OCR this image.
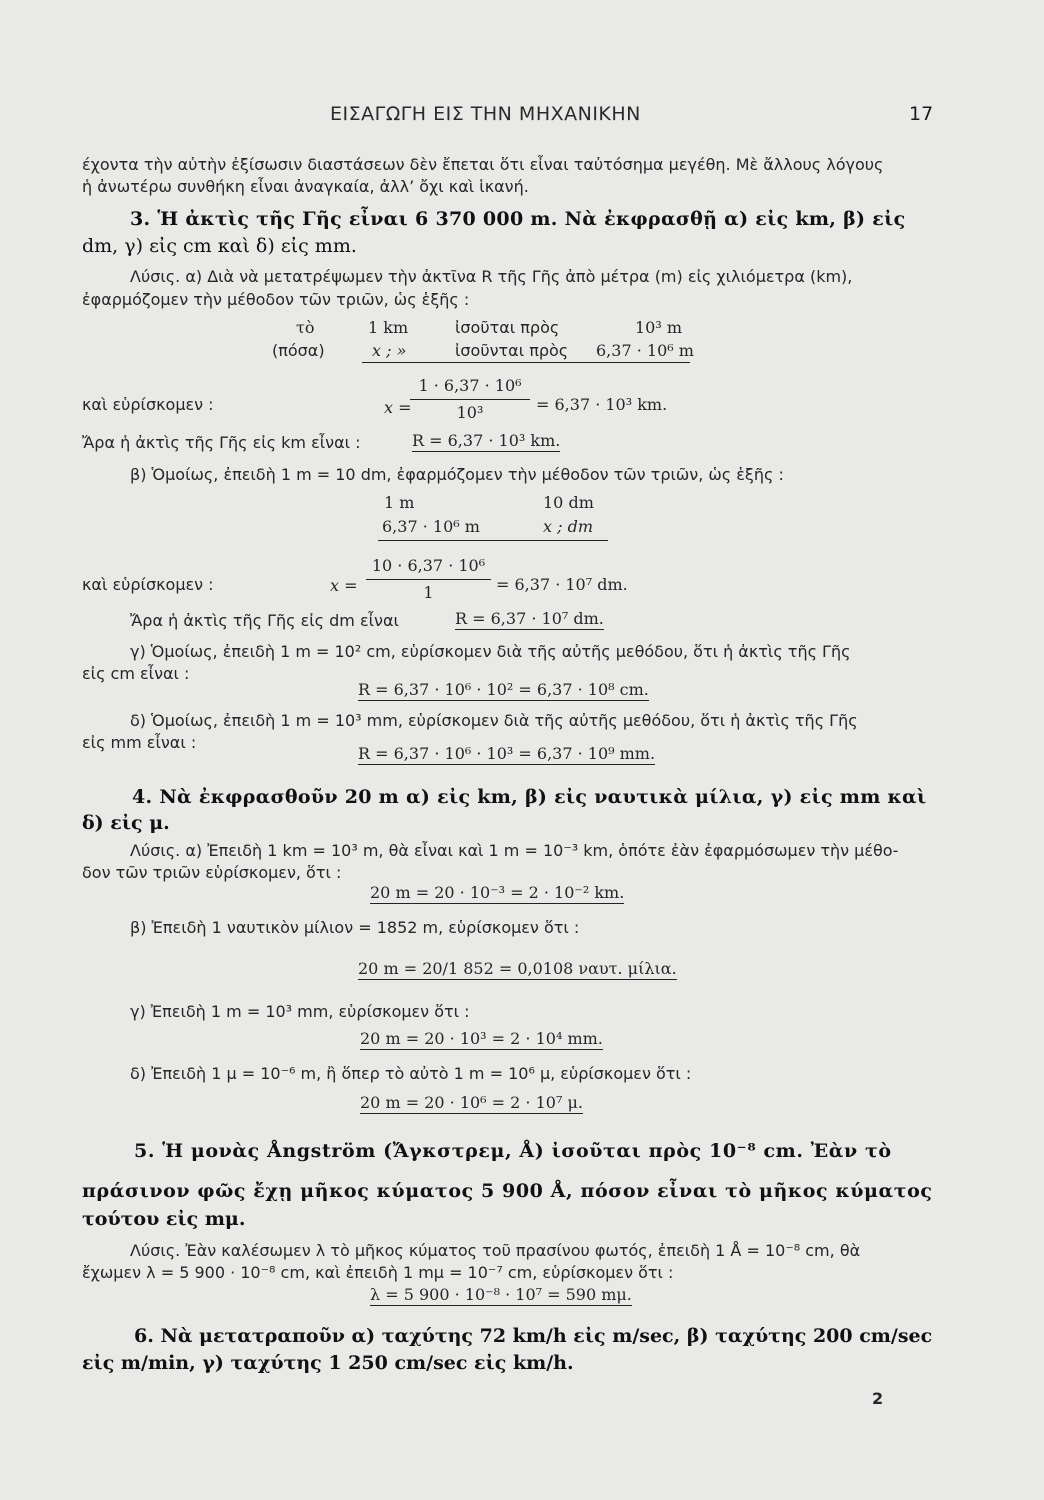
ΕΙΣΑΓΩΓΗ ΕΙΣ ΤΗΝ ΜΗΧΑΝΙΚΗΝ	17
έχοντα τὴν αὐτὴν ἐξίσωσιν διαστάσεων δὲν ἔπεται ὅτι εἶναι ταὐτόσημα μεγέθη. Μὲ ἄλλους λόγους
ἡ ἀνωτέρω συνθήκη εἶναι ἀναγκαία, ἀλλ’ ὄχι καὶ ἱκανή.
3. Ἡ ἀκτὶς τῆς Γῆς εἶναι 6 370 000 m. Νὰ ἐκφρασθῇ α) εἰς km, β) εἰς
dm, γ) εἰς cm καὶ δ) εἰς mm.
Λύσις. α) Διὰ νὰ μετατρέψωμεν τὴν ἀκτῖνα R τῆς Γῆς ἀπὸ μέτρα (m) εἰς χιλιόμετρα (km),
ἐφαρμόζομεν τὴν μέθοδον τῶν τριῶν, ὡς ἑξῆς :
τὸ	1 km	ἰσοῦται πρὸς	10³ m
(πόσα)	x ; »	ἰσοῦνται πρὸς 6,37 · 10⁶ m
καὶ εὑρίσκομεν :	x =
1 · 6,37 · 10⁶
10³	= 6,37 · 10³ km.
Ἄρα ἡ ἀκτὶς τῆς Γῆς εἰς km εἶναι :	R = 6,37 · 10³ km.
β) Ὁμοίως, ἐπειδὴ 1 m = 10 dm, ἐφαρμόζομεν τὴν μέθοδον τῶν τριῶν, ὡς ἑξῆς :
1 m	10 dm
6,37 · 10⁶ m	x ; dm
καὶ εὑρίσκομεν :	x =
10 · 6,37 · 10⁶
1	= 6,37 · 10⁷ dm.
Ἄρα ἡ ἀκτὶς τῆς Γῆς εἰς dm εἶναι	R = 6,37 · 10⁷ dm.
γ) Ὁμοίως, ἐπειδὴ 1 m = 10² cm, εὑρίσκομεν διὰ τῆς αὐτῆς μεθόδου, ὅτι ἡ ἀκτὶς τῆς Γῆς
εἰς cm εἶναι :
R = 6,37 · 10⁶ · 10² = 6,37 · 10⁸ cm.
δ) Ὁμοίως, ἐπειδὴ 1 m = 10³ mm, εὑρίσκομεν διὰ τῆς αὐτῆς μεθόδου, ὅτι ἡ ἀκτὶς τῆς Γῆς
εἰς mm εἶναι :
R = 6,37 · 10⁶ · 10³ = 6,37 · 10⁹ mm.
4. Νὰ ἐκφρασθοῦν 20 m α) εἰς km, β) εἰς ναυτικὰ μίλια, γ) εἰς mm καὶ
δ) εἰς μ.
Λύσις. α) Ἐπειδὴ 1 km = 10³ m, θὰ εἶναι καὶ 1 m = 10⁻³ km, ὁπότε ἐὰν ἐφαρμόσωμεν τὴν μέθο-
δον τῶν τριῶν εὑρίσκομεν, ὅτι :
20 m = 20 · 10⁻³ = 2 · 10⁻² km.
β) Ἐπειδὴ 1 ναυτικὸν μίλιον = 1852 m, εὑρίσκομεν ὅτι :
20 m = 20/1 852 = 0,0108 ναυτ. μίλια.
γ) Ἐπειδὴ 1 m = 10³ mm, εὑρίσκομεν ὅτι :
20 m = 20 · 10³ = 2 · 10⁴ mm.
δ) Ἐπειδὴ 1 μ = 10⁻⁶ m, ἢ ὅπερ τὸ αὐτὸ 1 m = 10⁶ μ, εὑρίσκομεν ὅτι :
20 m = 20 · 10⁶ = 2 · 10⁷ μ.
5. Ἡ μονὰς Ångström (Ἄγκστρεμ, Å) ἰσοῦται πρὸς 10⁻⁸ cm. Ἐὰν τὸ
πράσινον φῶς ἔχῃ μῆκος κύματος 5 900 Å, πόσον εἶναι τὸ μῆκος κύματος
τούτου εἰς mμ.
Λύσις. Ἐὰν καλέσωμεν λ τὸ μῆκος κύματος τοῦ πρασίνου φωτός, ἐπειδὴ 1 Å = 10⁻⁸ cm, θὰ
ἔχωμεν λ = 5 900 · 10⁻⁸ cm, καὶ ἐπειδὴ 1 mμ = 10⁻⁷ cm, εὑρίσκομεν ὅτι :
λ = 5 900 · 10⁻⁸ · 10⁷ = 590 mμ.
6. Νὰ μετατραποῦν α) ταχύτης 72 km/h εἰς m/sec, β) ταχύτης 200 cm/sec
εἰς m/min, γ) ταχύτης 1 250 cm/sec εἰς km/h.
2
